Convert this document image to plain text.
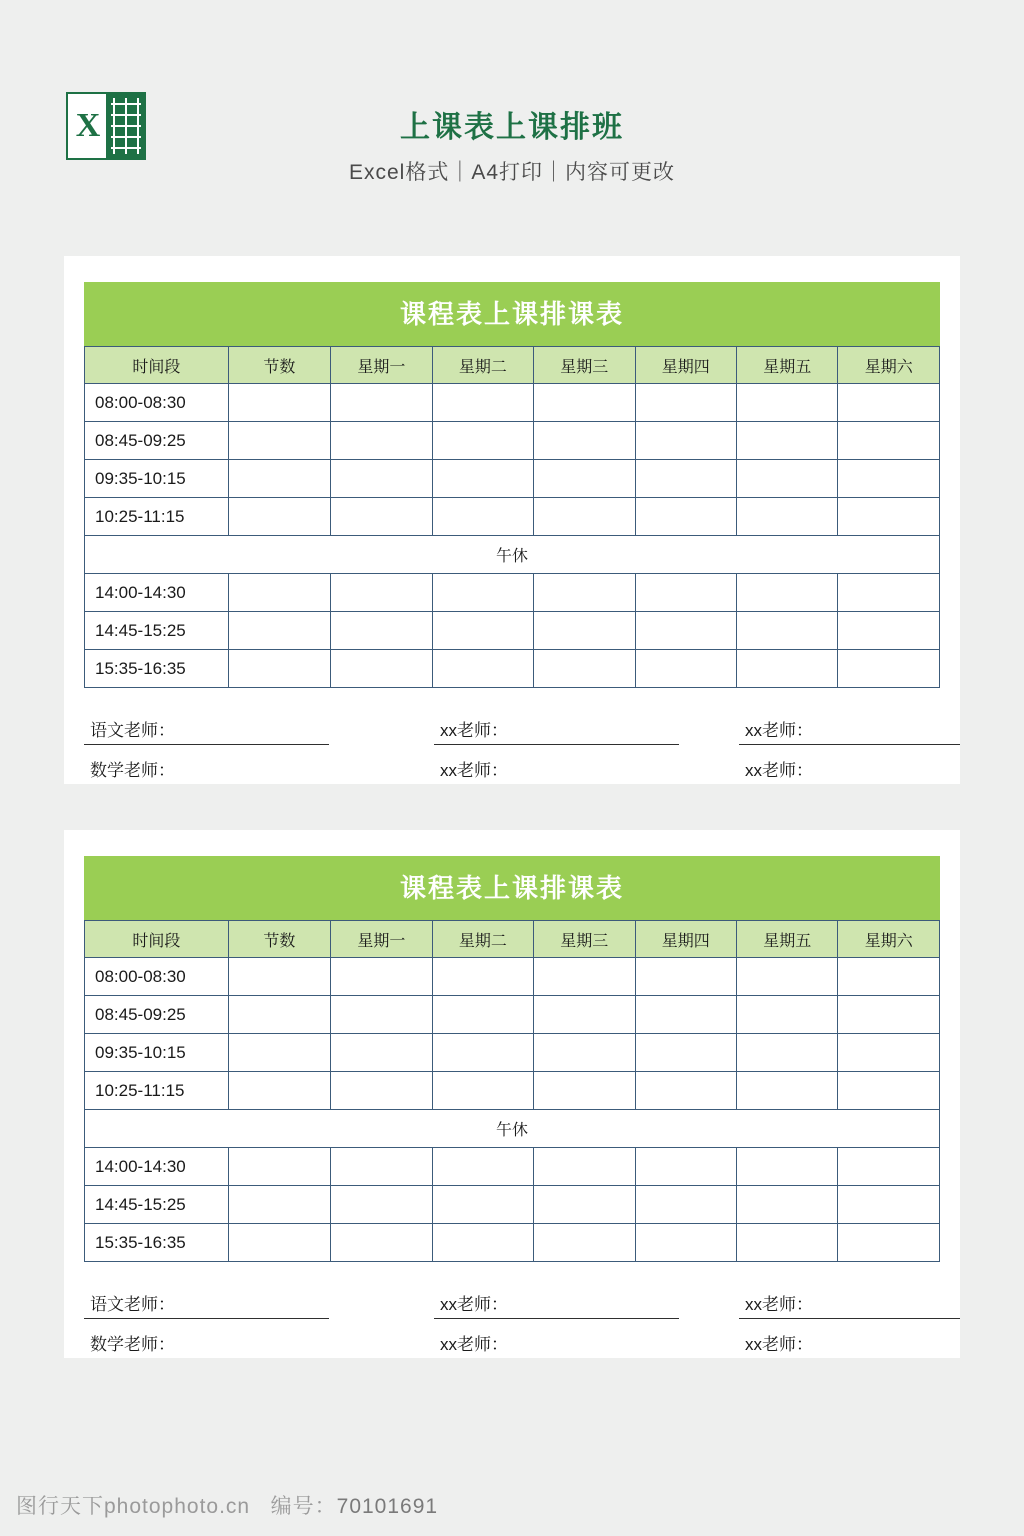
X	上课表上课排班
Excel格式｜A4打印｜内容可更改
课程表上课排课表
时间段	节数	星期一	星期二	星期三	星期四	星期五	星期六
08:00-08:30							
08:45-09:25							
09:35-10:15							
10:25-11:15							
午休							
14:00-14:30							
14:45-15:25							
15:35-16:35							
语文老师：	xx老师：	xx老师：
数学老师：	xx老师：	xx老师：
课程表上课排课表
时间段	节数	星期一	星期二	星期三	星期四	星期五	星期六
08:00-08:30							
08:45-09:25							
09:35-10:15							
10:25-11:15							
午休							
14:00-14:30							
14:45-15:25							
15:35-16:35							
语文老师：	xx老师：	xx老师：
数学老师：	xx老师：	xx老师：
图行天下photophoto.cn 编号：70101691
